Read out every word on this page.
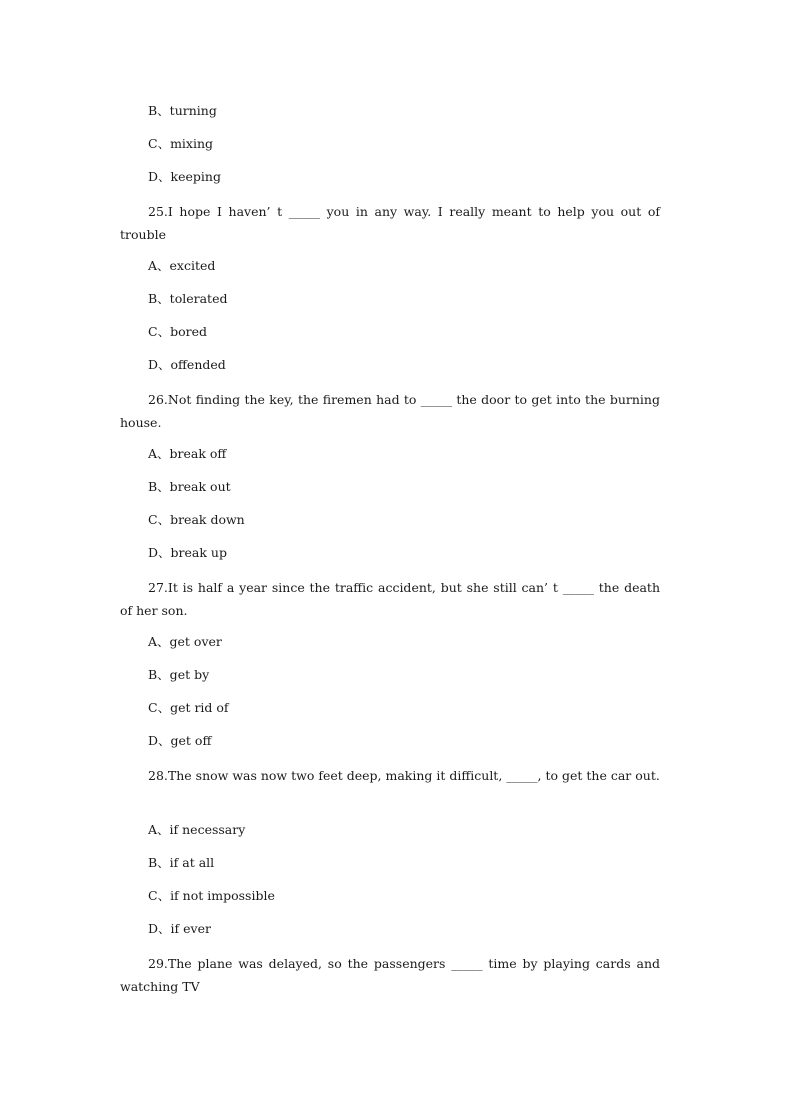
B、turning
C、mixing
D、keeping
25.I hope I haven’ t _____ you in any way. I really meant to help you out of trouble
A、excited
B、tolerated
C、bored
D、offended
26.Not finding the key, the firemen had to _____ the door to get into the burning house.
A、break off
B、break out
C、break down
D、break up
27.It is half a year since the traffic accident, but she still can’ t _____ the death of her son.
A、get over
B、get by
C、get rid of
D、get off
28.The snow was now two feet deep, making it difficult, _____, to get the car out.
A、if necessary
B、if at all
C、if not impossible
D、if ever
29.The plane was delayed, so the passengers _____ time by playing cards and watching TV
